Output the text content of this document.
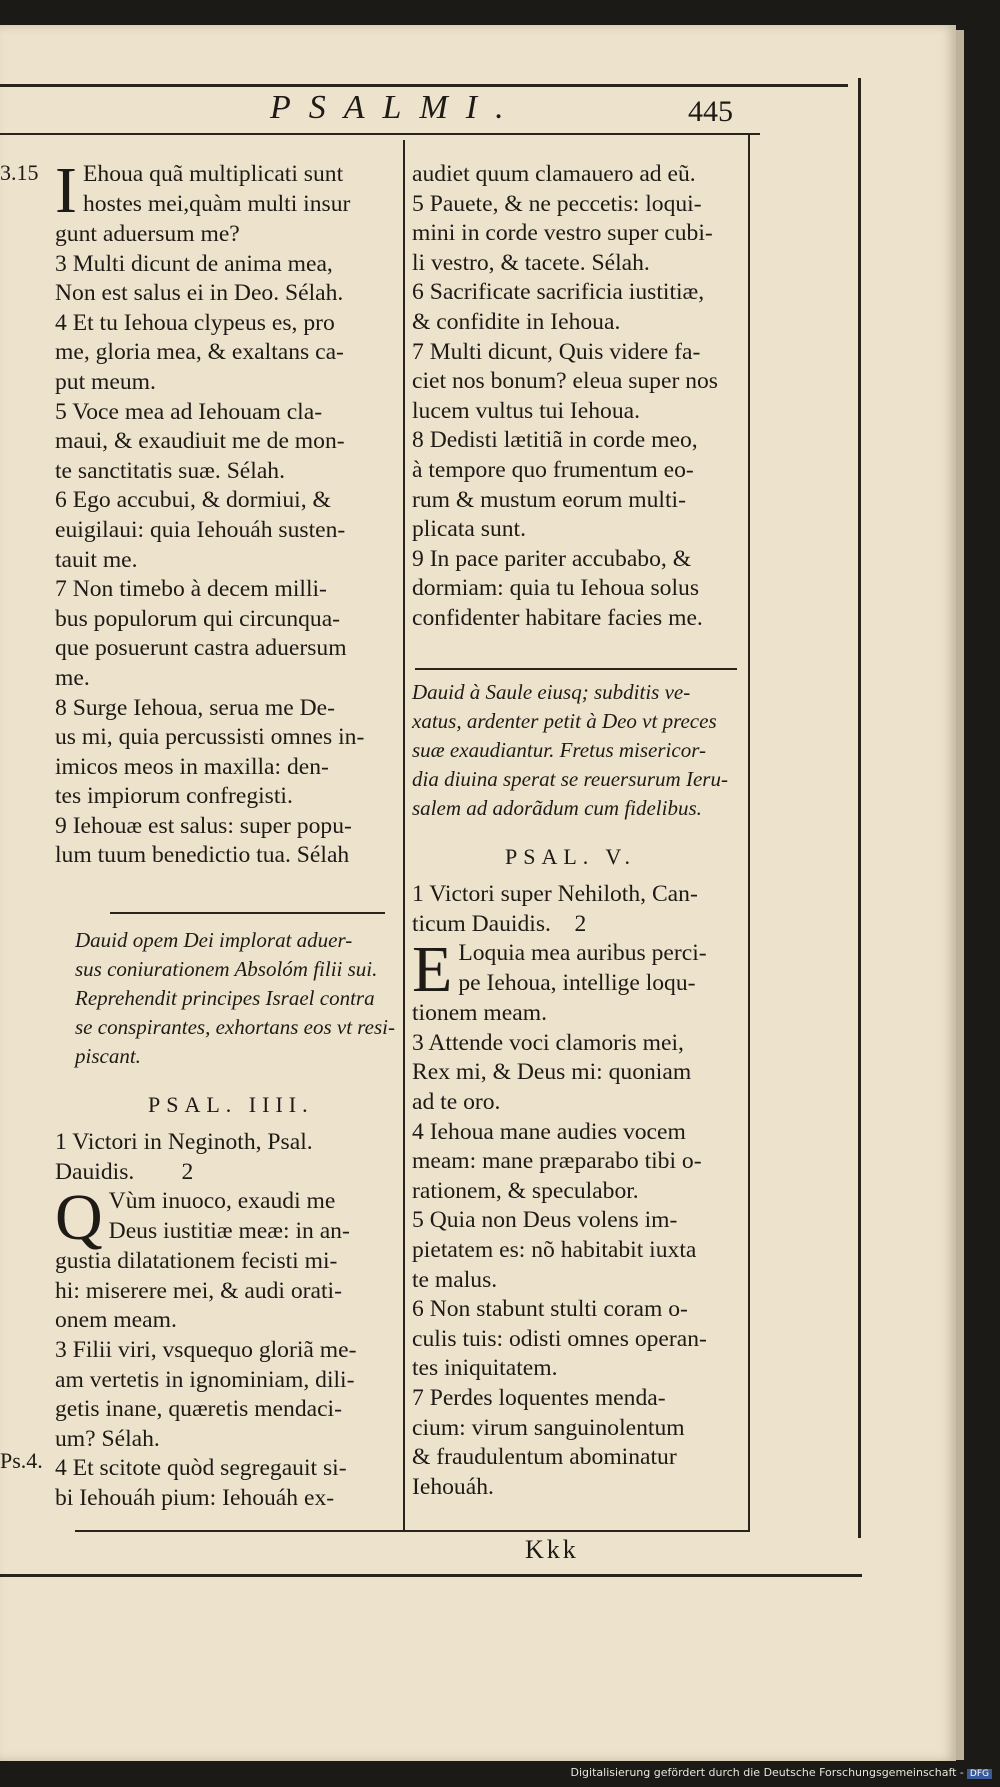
PSALMI.	445
3.15
Ps.4.
I Ehoua quã multiplicati sunt
hostes mei,quàm multi insur
gunt aduersum me?
3 Multi dicunt de anima mea,
Non est salus ei in Deo. Sélah.
4 Et tu Iehoua clypeus es, pro
me, gloria mea, & exaltans ca-
put meum.
5 Voce mea ad Iehouam cla-
maui, & exaudiuit me de mon-
te sanctitatis suæ. Sélah.
6 Ego accubui, & dormiui, &
euigilaui: quia Iehouáh susten-
tauit me.
7 Non timebo à decem milli-
bus populorum qui circunqua-
que posuerunt castra aduersum
me.
8 Surge Iehoua, serua me De-
us mi, quia percussisti omnes in-
imicos meos in maxilla: den-
tes impiorum confregisti.
9 Iehouæ est salus: super popu-
lum tuum benedictio tua. Sélah
Dauid opem Dei implorat aduer-
sus coniurationem Absolóm filii sui.
Reprehendit principes Israel contra
se conspirantes, exhortans eos vt resi-
piscant.
PSAL. IIII.
1 Victori in Neginoth, Psal.
Dauidis.        2
Q Vùm inuoco, exaudi me
Deus iustitiæ meæ: in an-
gustia dilatationem fecisti mi-
hi: miserere mei, & audi orati-
onem meam.
3 Filii viri, vsquequo gloriã me-
am vertetis in ignominiam, dili-
getis inane, quæretis mendaci-
um? Sélah.
4 Et scitote quòd segregauit si-
bi Iehouáh pium: Iehouáh ex-
audiet quum clamauero ad eũ.
5 Pauete, & ne peccetis: loqui-
mini in corde vestro super cubi-
li vestro, & tacete. Sélah.
6 Sacrificate sacrificia iustitiæ,
& confidite in Iehoua.
7 Multi dicunt, Quis videre fa-
ciet nos bonum? eleua super nos
lucem vultus tui Iehoua.
8 Dedisti lætitiã in corde meo,
à tempore quo frumentum eo-
rum & mustum eorum multi-
plicata sunt.
9 In pace pariter accubabo, &
dormiam: quia tu Iehoua solus
confidenter habitare facies me.
Dauid à Saule eiusq; subditis ve-
xatus, ardenter petit à Deo vt preces
suæ exaudiantur. Fretus misericor-
dia diuina sperat se reuersurum Ieru-
salem ad adorãdum cum fidelibus.
PSAL. V.
1 Victori super Nehiloth, Can-
ticum Dauidis.    2
E Loquia mea auribus perci-
pe Iehoua, intellige loqu-
tionem meam.
3 Attende voci clamoris mei,
Rex mi, & Deus mi: quoniam
ad te oro.
4 Iehoua mane audies vocem
meam: mane præparabo tibi o-
rationem, & speculabor.
5 Quia non Deus volens im-
pietatem es: nõ habitabit iuxta
te malus.
6 Non stabunt stulti coram o-
culis tuis: odisti omnes operan-
tes iniquitatem.
7 Perdes loquentes menda-
cium: virum sanguinolentum
& fraudulentum abominatur
Iehouáh.
Kkk
Digitalisierung gefördert durch die Deutsche Forschungsgemeinschaft - DFG
